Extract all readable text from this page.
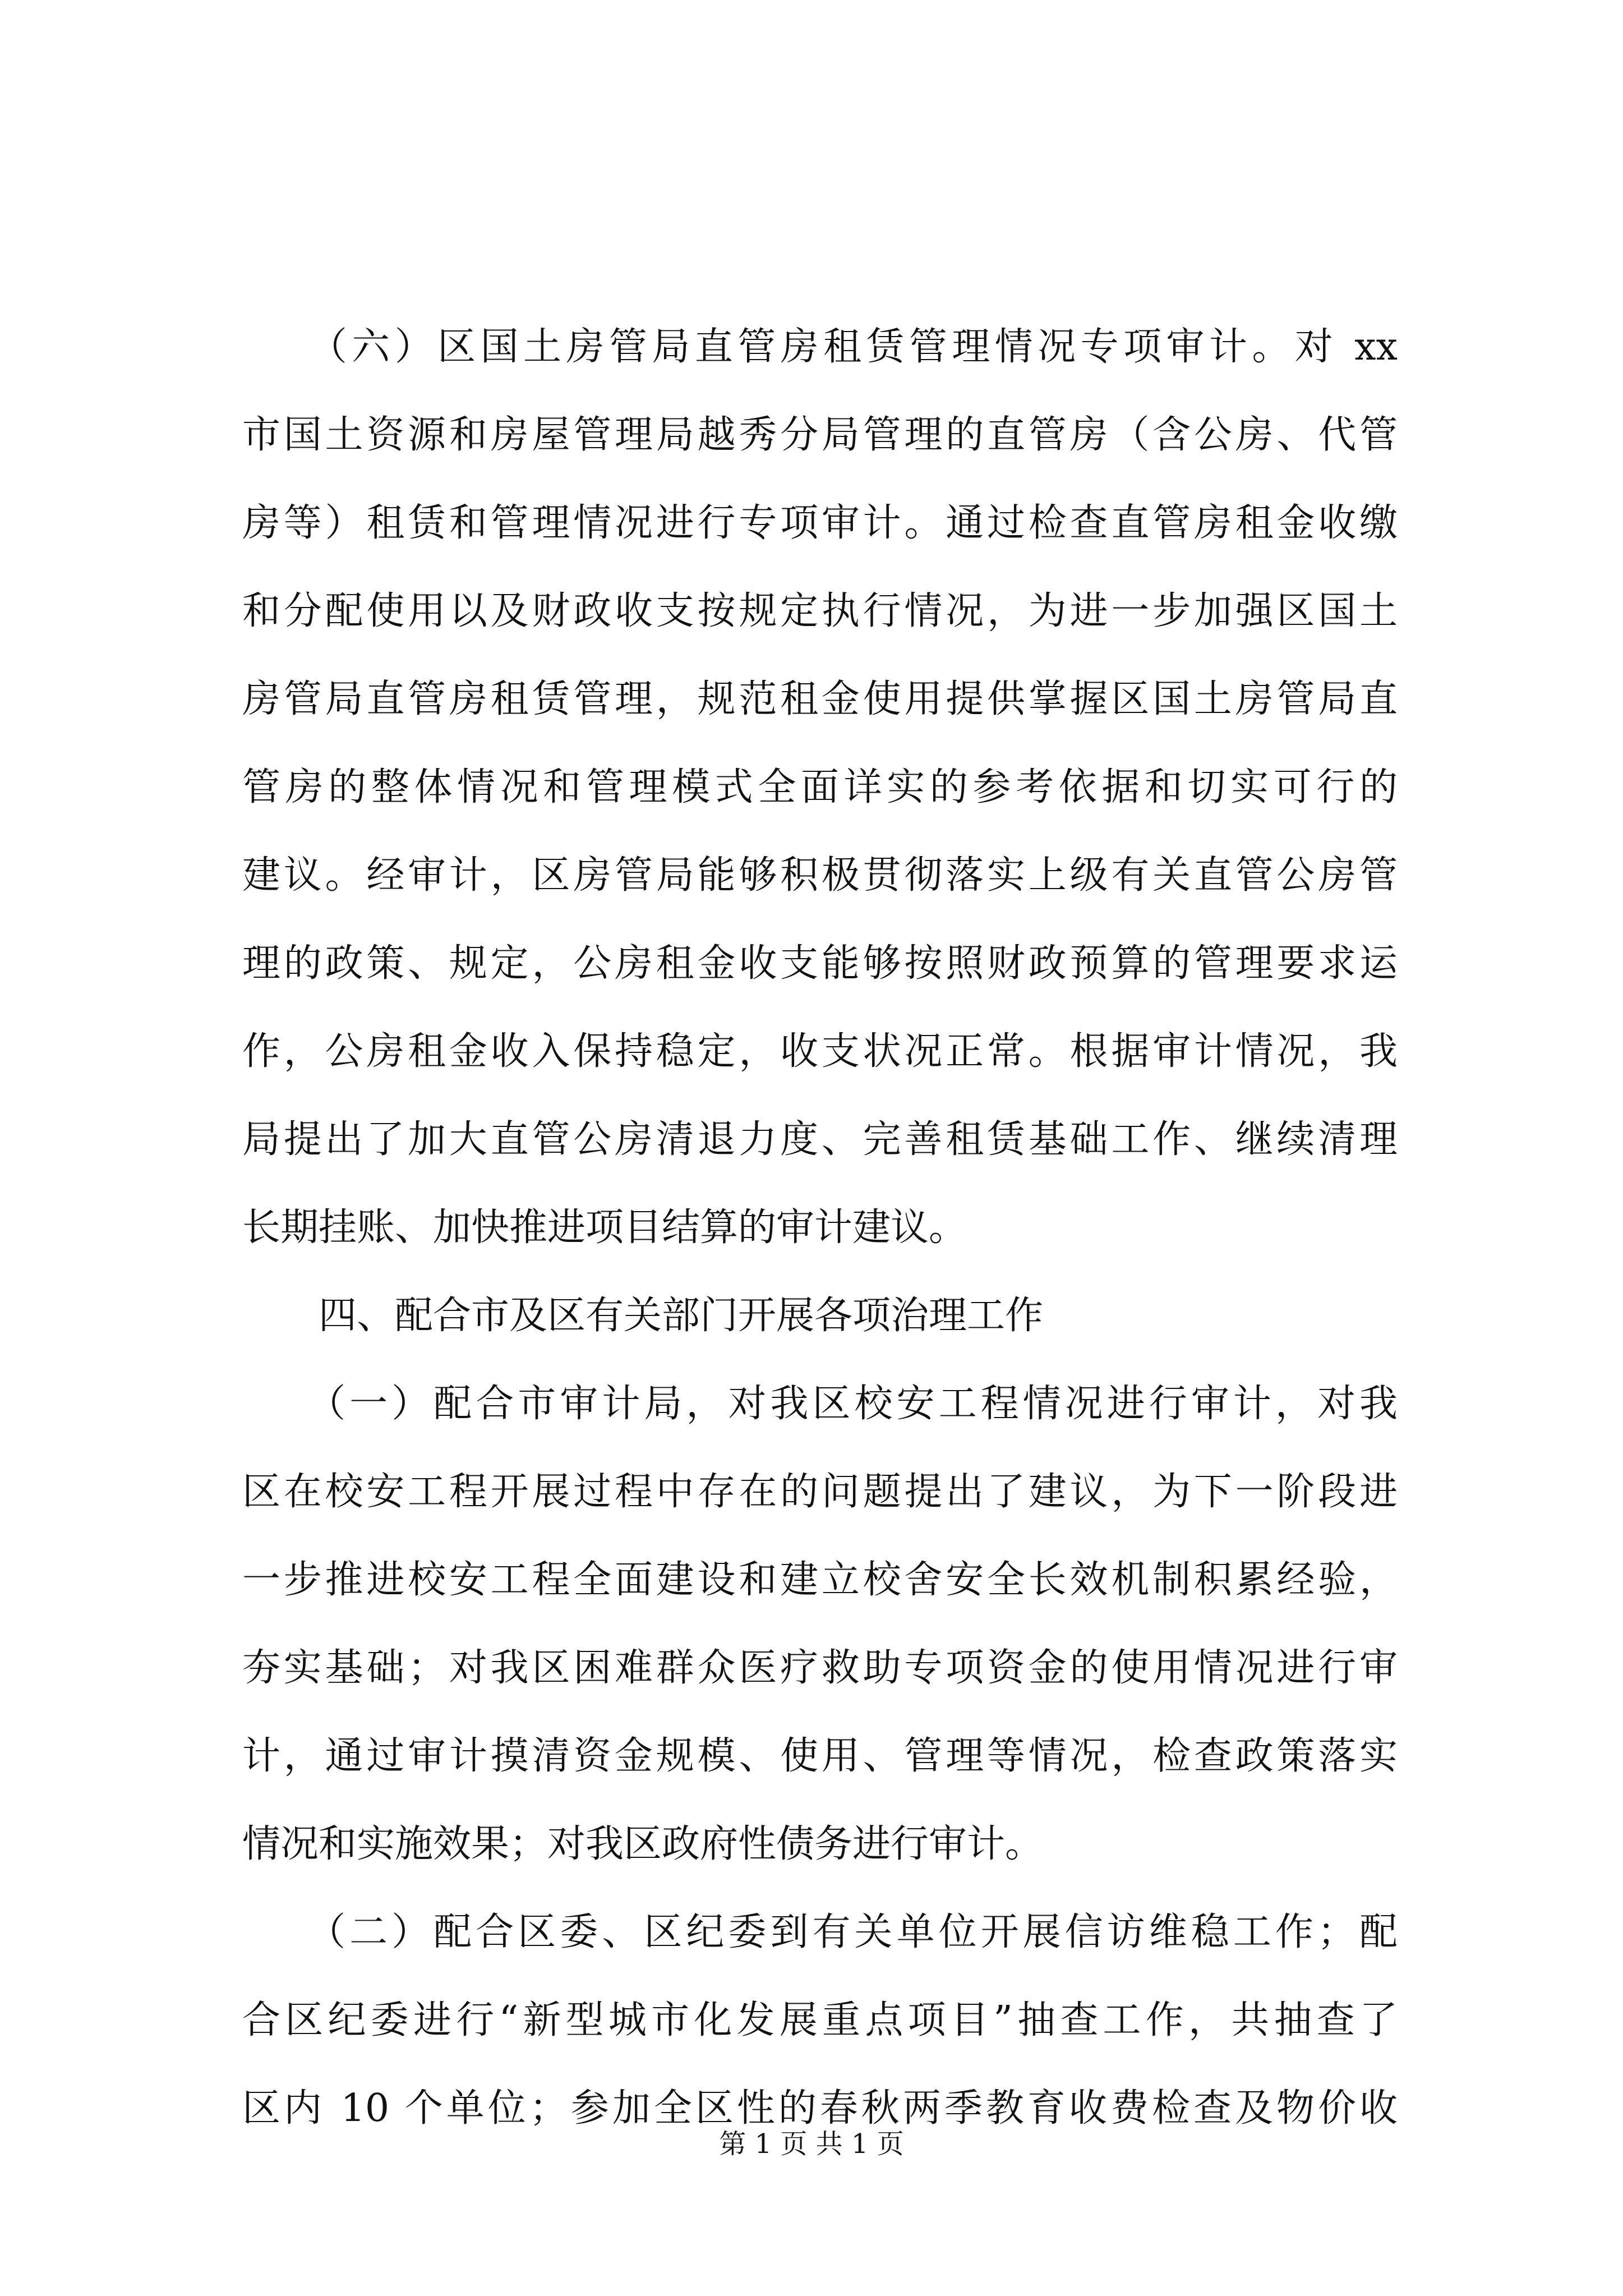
　　（六）区国土房管局直管房租赁管理情况专项审计。对 xx
市国土资源和房屋管理局越秀分局管理的直管房（含公房、代管
房等）租赁和管理情况进行专项审计。通过检查直管房租金收缴
和分配使用以及财政收支按规定执行情况，为进一步加强区国土
房管局直管房租赁管理，规范租金使用提供掌握区国土房管局直
管房的整体情况和管理模式全面详实的参考依据和切实可行的
建议。经审计，区房管局能够积极贯彻落实上级有关直管公房管
理的政策、规定，公房租金收支能够按照财政预算的管理要求运
作，公房租金收入保持稳定，收支状况正常。根据审计情况，我
局提出了加大直管公房清退力度、完善租赁基础工作、继续清理
长期挂账、加快推进项目结算的审计建议。
　　四、配合市及区有关部门开展各项治理工作
　　（一）配合市审计局，对我区校安工程情况进行审计，对我
区在校安工程开展过程中存在的问题提出了建议，为下一阶段进
一步推进校安工程全面建设和建立校舍安全长效机制积累经验，
夯实基础；对我区困难群众医疗救助专项资金的使用情况进行审
计，通过审计摸清资金规模、使用、管理等情况，检查政策落实
情况和实施效果；对我区政府性债务进行审计。
　　（二）配合区委、区纪委到有关单位开展信访维稳工作；配
合区纪委进行“新型城市化发展重点项目”抽查工作，共抽查了
区内 10 个单位；参加全区性的春秋两季教育收费检查及物价收
第 1 页 共 1 页
